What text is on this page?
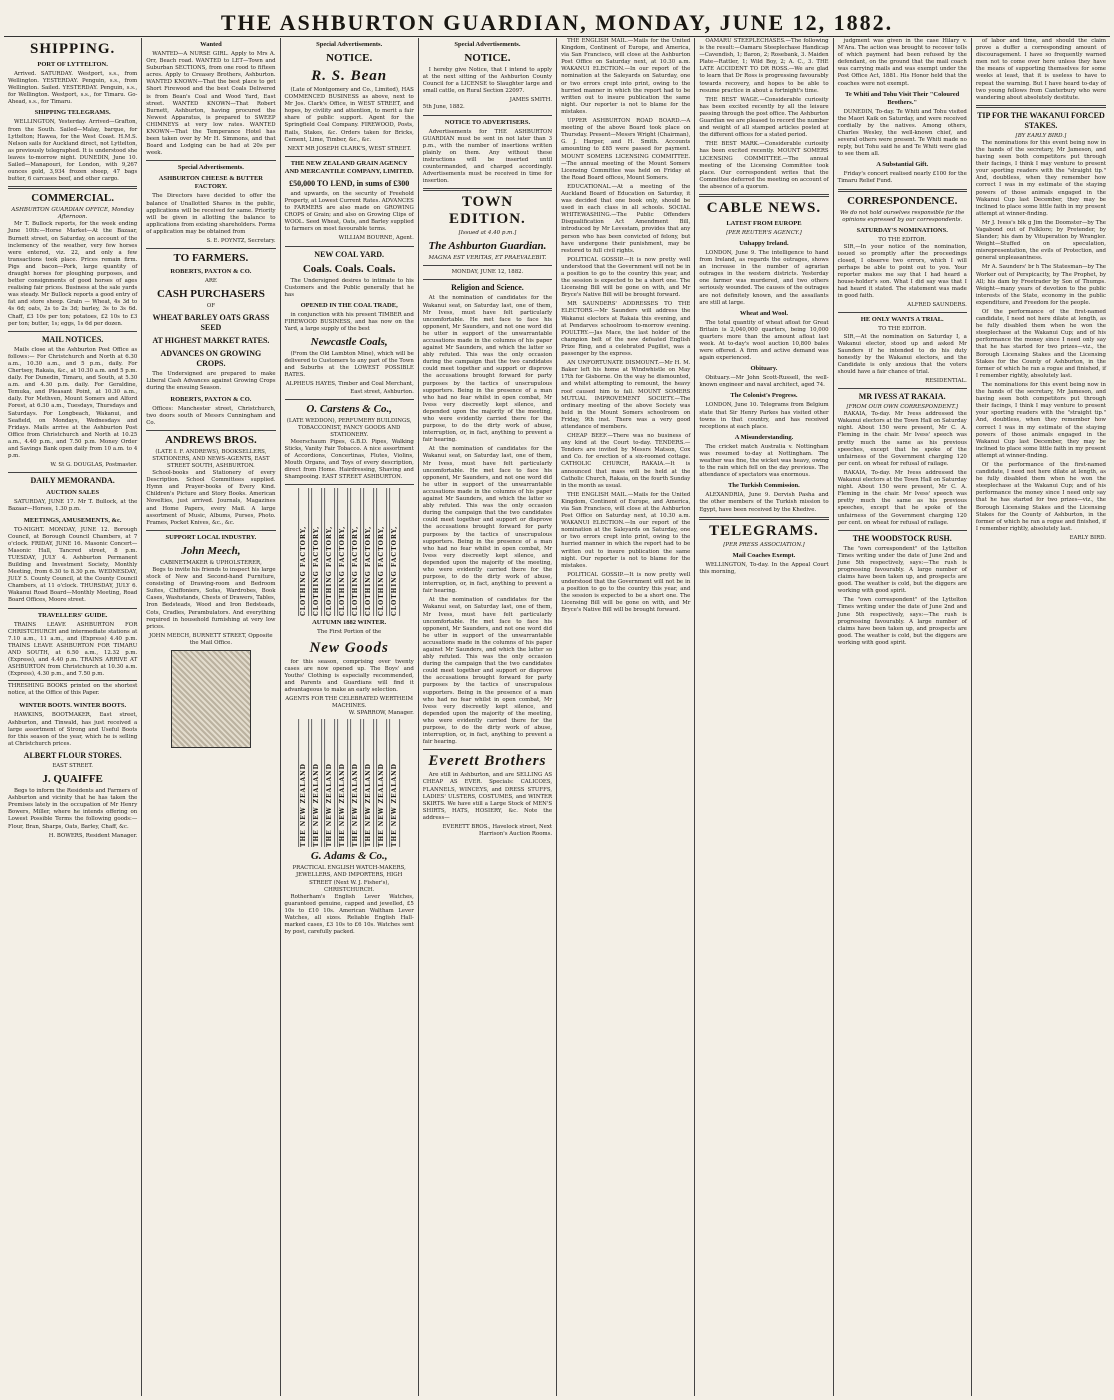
THE ASHBURTON GUARDIAN, MONDAY, JUNE 12, 1882.
SHIPPING.
PORT OF LYTTELTON.

Arrived. SATURDAY. Westport, s.s., from Wellington. YESTERDAY. Penguin, s.s., from Wellington. Sailed. YESTERDAY. Penguin, s.s., for Wellington. Westport, s.s., for Timaru. Go-Ahead, s.s., for Timaru.

SHIPPING TELEGRAMS.

WELLINGTON, Yesterday. Arrived—Grafton, from the South. Sailed—Malay, barque, for Lyttelton; Hawea, for the West Coast. H.M.S. Nelson sails for Auckland direct, not Lyttelton, as previously telegraphed. It is understood she leaves to-morrow night. DUNEDIN, June 10. Sailed—Manapouri, for London, with 9,267 ounces gold, 3,934 frozen sheep, 47 bags butter, 6 carcases beef, and other cargo.

COMMERCIAL.
ASHBURTON GUARDIAN OFFICE, Monday Afternoon.

Mr T. Bullock reports, for the week ending June 10th:—Horse Market—At the Bazaar, Burnett street, on Saturday, on account of the inclemency of the weather, very few horses were entered, viz. 22, and only a few transactions took place. Prices remain firm. Pigs and bacon—Pork, large quantity of draught horses for ploughing purposes, and better consignments of good horses of ages realising fair prices. Business at the sale yards was steady. Mr Bullock reports a good entry of fat and store sheep. Grain — Wheat, 4s 3d to 4s 6d; oats, 2s to 2s 3d; barley, 3s to 3s 6d. Chaff, £3 10s per ton; potatoes, £2 10s to £3 per ton; butter, 1s; eggs, 1s 6d per dozen.

MAIL NOTICES.

Mails close at the Ashburton Post Office as follows:— For Christchurch and North at 6.30 a.m., 10.30 a.m., and 5 p.m., daily. For Chertsey, Rakaia, &c., at 10.30 a.m. and 5 p.m. daily. For Dunedin, Timaru, and South, at 5.30 a.m. and 4.30 p.m. daily. For Geraldine, Temuka, and Pleasant Point, at 10.30 a.m., daily. For Methven, Mount Somers and Alford Forest, at 6.30 a.m., Tuesdays, Thursdays and Saturdays. For Longbeach, Wakanui, and Seafield, on Mondays, Wednesdays and Fridays. Mails arrive at the Ashburton Post Office from Christchurch and North at 10.25 a.m., 4.40 p.m., and 7.50 p.m. Money Order and Savings Bank open daily from 10 a.m. to 4 p.m.

W. St G. DOUGLAS, Postmaster.
DAILY MEMORANDA.
AUCTION SALES

SATURDAY, JUNE 17. Mr T. Bullock, at the Bazaar—Horses, 1.30 p.m.

MEETINGS, AMUSEMENTS, &c.

TO-NIGHT. MONDAY, JUNE 12. Borough Council, at Borough Council Chambers, at 7 o'clock. FRIDAY, JUNE 16. Masonic Concert—Masonic Hall, Tancred street, 8 p.m. TUESDAY, JULY 4. Ashburton Permanent Building and Investment Society, Monthly Meeting, from 6.30 to 8.30 p.m. WEDNESDAY, JULY 5. County Council, at the County Council Chambers, at 11 o'clock. THURSDAY, JULY 6. Wakanui Road Board—Monthly Meeting, Road Board Offices, Moore street.

TRAVELLERS' GUIDE.

TRAINS LEAVE ASHBURTON FOR CHRISTCHURCH and intermediate stations at 7.10 a.m., 11 a.m., and (Express) 4.40 p.m. TRAINS LEAVE ASHBURTON FOR TIMARU AND SOUTH, at 6.50 a.m., 12.32 p.m. (Express), and 4.40 p.m. TRAINS ARRIVE AT ASHBURTON from Christchurch at 10.30 a.m. (Express), 4.30 p.m., and 7.50 p.m.

THRESHING BOOKS printed on the shortest notice, at the Office of this Paper.
WINTER BOOTS. WINTER BOOTS.

HAWKINS, BOOTMAKER, East street, Ashburton, and Tinwald, has just received a large assortment of Strong and Useful Boots for this season of the year, which he is selling at Christchurch prices.

ALBERT FLOUR STORES.
EAST STREET.
J. QUAIFFE

Begs to inform the Residents and Farmers of Ashburton and vicinity that he has taken the Premises lately in the occupation of Mr Henry Bowers, Miller, where he intends offering on Lowest Possible Terms the following goods:— Flour, Bran, Sharps, Oats, Barley, Chaff, &c.

H. BOWERS, Resident Manager.
Wanted

WANTED—A NURSE GIRL. Apply to Mrs A. Orr, Beach road. WANTED to LET—Town and Suburban SECTIONS, from one rood to fifteen acres. Apply to Creasey Brothers, Ashburton. WANTED KNOWN—That the best place to get Short Firewood and the best Coals Delivered is from Bean's Coal and Wood Yard, East street. WANTED KNOWN—That Robert Burnett, Ashburton, having procured the Newest Apparatus, is prepared to SWEEP CHIMNEYS at very low rates. WANTED KNOWN—That the Temperance Hotel has been taken over by Mr H. Simmons, and that Board and Lodging can be had at 20s per week.

Special Advertisements.
ASHBURTON CHEESE & BUTTER FACTORY.

The Directors have decided to offer the balance of Unallotted Shares in the public, applications will be received for same. Priority will be given in allotting the balance to applications from existing shareholders. Forms of application may be obtained from

S. E. POYNTZ, Secretary.
TO FARMERS.
ROBERTS, PAXTON & CO.
ARE
CASH PURCHASERS
OF
WHEAT BARLEY OATS GRASS SEED
AT HIGHEST MARKET RATES.
ADVANCES ON GROWING CROPS.

The Undersigned are prepared to make Liberal Cash Advances against Growing Crops during the ensuing Season.

ROBERTS, PAXTON & CO.

Offices: Manchester street, Christchurch, two doors south of Messrs Cunningham and Co.

ANDREWS BROS.
(LATE I. F. ANDREWS), BOOKSELLERS, STATIONERS, AND NEWS-AGENTS, EAST STREET SOUTH, ASHBURTON.

School-books and Stationery of every Description. School Committees supplied. Hymn and Prayer-books of Every Kind. Children's Picture and Story Books. American Novelties, just arrived. Journals, Magazines and Home Papers, every Mail. A large assortment of Music, Albums, Purses, Photo. Frames, Pocket Knives, &c., &c.

SUPPORT LOCAL INDUSTRY.
John Meech,
CABINETMAKER & UPHOLSTERER,

Begs to invite his friends to inspect his large stock of New and Second-hand Furniture, consisting of Drawing-room and Bedroom Suites, Chiffoniers, Sofas, Wardrobes, Book Cases, Washstands, Chests of Drawers, Tables, Iron Bedsteads, Wood and Iron Bedsteads, Cots, Cradles, Perambulators. And everything required in household furnishing at very low prices.

JOHN MEECH, BURNETT STREET, Opposite the Mail Office.
Special Advertisements.
NOTICE.
R. S. Bean

(Late of Montgomery and Co., Limited), HAS COMMENCED BUSINESS as above, next to Mr Jos. Clark's Office, in WEST STREET, and hopes, by civility and attention, to merit a fair share of public support. Agent for the Springfield Coal Company. FIREWOOD, Posts, Rails, Stakes, &c. Orders taken for Bricks, Cement, Lime, Timber, &c., &c.

NEXT MR JOSEPH CLARK'S, WEST STREET.
THE NEW ZEALAND GRAIN AGENCY AND MERCANTILE COMPANY, LIMITED.
£50,000 TO LEND, in sums of £300

and upwards, on the security of Freehold Property, at Lowest Current Rates. ADVANCES to FARMERS are also made on GROWING CROPS of Grain; and also on Growing Clips of WOOL. Seed Wheat, Oats, and Barley supplied to farmers on most favourable terms.

WILLIAM BOURNE, Agent.
NEW COAL YARD.
Coals. Coals. Coals.

The Undersigned desires to intimate to his Customers and the Public generally that he has

OPENED IN THE COAL TRADE,

in conjunction with his present TIMBER and FIREWOOD BUSINESS, and has now on the Yard, a large supply of the best

Newcastle Coals,

(From the Old Lambton Mine), which will be delivered to Customers to any part of the Town and Suburbs at the LOWEST POSSIBLE RATES.

ALPHEUS HAYES, Timber and Coal Merchant, East street, Ashburton.
O. Carstens & Co.,
(LATE WEDDON), PERFUMERY BUILDINGS, TOBACCONIST, FANCY GOODS AND STATIONERY.

Meerschaum Pipes, G.B.D. Pipes, Walking Sticks, Vanity Fair Tobacco. A nice assortment of Accordions, Concertinas, Flutes, Violins, Mouth Organs, and Toys of every description, direct from Home. Hairdressing, Shaving and Shampooing. EAST STREET ASHBURTON.

CLOTHING FACTORY,	CLOTHING FACTORY,	CLOTHING FACTORY,	CLOTHING FACTORY,	CLOTHING FACTORY,	CLOTHING FACTORY,	CLOTHING FACTORY,	CLOTHING FACTORY,
AUTUMN 1882 WINTER.
The First Portion of the
New Goods

for this season, comprising over twenty cases are now opened up. The Boys' and Youths' Clothing is especially recommended, and Parents and Guardians will find it advantageous to make an early selection.

AGENTS FOR THE CELEBRATED WERTHEIM MACHINES.
W. SPARROW, Manager.
THE NEW ZEALAND	THE NEW ZEALAND	THE NEW ZEALAND	THE NEW ZEALAND	THE NEW ZEALAND	THE NEW ZEALAND	THE NEW ZEALAND	THE NEW ZEALAND
G. Adams & Co.,
PRACTICAL ENGLISH WATCH-MAKERS, JEWELLERS, AND IMPORTERS, HIGH STREET (Next W. J. Fisher's), CHRISTCHURCH.

Rotherham's English Lever Watches, guaranteed genuine, capped and jewelled, £5 10s to £10 10s. American Waltham Lever Watches, all sizes. Reliable English Hall-marked cases, £3 10s to £6 10s. Watches sent by post, carefully packed.

Special Advertisements.
NOTICE.

I hereby give Notice, that I intend to apply at the next sitting of the Ashburton County Council for a LICENSE to Slaughter large and small cattle, on Rural Section 22097.

JAMES SMITH.
5th June, 1882.
NOTICE TO ADVERTISERS.

Advertisements for THE ASHBURTON GUARDIAN must be sent in not later than 3 p.m., with the number of insertions written plainly on them. Any without these instructions will be inserted until countermanded, and charged accordingly. Advertisements must be received in time for insertion.

TOWN EDITION.
[Issued at 4.40 p.m.]
The Ashburton Guardian.
MAGNA EST VERITAS, ET PRAEVALEBIT.
MONDAY, JUNE 12, 1882.
Religion and Science.

At the nomination of candidates for the Wakanui seat, on Saturday last, one of them, Mr Ivess, must have felt particularly uncomfortable. He met face to face his opponent, Mr Saunders, and not one word did he utter in support of the unwarrantable accusations made in the columns of his paper against Mr Saunders, and which the latter so ably refuted. This was the only occasion during the campaign that the two candidates could meet together and support or disprove the accusations brought forward for party purposes by the tactics of unscrupulous supporters. Being in the presence of a man who had no fear whilst in open combat, Mr Ivess very discreetly kept silence, and depended upon the majority of the meeting, who were evidently carried there for the purpose, to do the dirty work of abuse, interruption, or, in fact, anything to prevent a fair hearing.

At the nomination of candidates for the Wakanui seat, on Saturday last, one of them, Mr Ivess, must have felt particularly uncomfortable. He met face to face his opponent, Mr Saunders, and not one word did he utter in support of the unwarrantable accusations made in the columns of his paper against Mr Saunders, and which the latter so ably refuted. This was the only occasion during the campaign that the two candidates could meet together and support or disprove the accusations brought forward for party purposes by the tactics of unscrupulous supporters. Being in the presence of a man who had no fear whilst in open combat, Mr Ivess very discreetly kept silence, and depended upon the majority of the meeting, who were evidently carried there for the purpose, to do the dirty work of abuse, interruption, or, in fact, anything to prevent a fair hearing.

At the nomination of candidates for the Wakanui seat, on Saturday last, one of them, Mr Ivess, must have felt particularly uncomfortable. He met face to face his opponent, Mr Saunders, and not one word did he utter in support of the unwarrantable accusations made in the columns of his paper against Mr Saunders, and which the latter so ably refuted. This was the only occasion during the campaign that the two candidates could meet together and support or disprove the accusations brought forward for party purposes by the tactics of unscrupulous supporters. Being in the presence of a man who had no fear whilst in open combat, Mr Ivess very discreetly kept silence, and depended upon the majority of the meeting, who were evidently carried there for the purpose, to do the dirty work of abuse, interruption, or, in fact, anything to prevent a fair hearing.

Everett Brothers

Are still in Ashburton, and are SELLING AS CHEAP AS EVER. Specials: CALICOES, FLANNELS, WINCEYS, and DRESS STUFFS, LADIES' ULSTERS, COSTUMES, and WINTER SKIRTS. We have still a Large Stock of MEN'S SHIRTS, HATS, HOSIERY, &c. Note the address—

EVERETT BROS., Havelock street, Next Harrison's Auction Rooms.

THE ENGLISH MAIL.—Mails for the United Kingdom, Continent of Europe, and America, via San Francisco, will close at the Ashburton Post Office on Saturday next, at 10.30 a.m. WAKANUI ELECTION.—In our report of the nomination at the Saleyards on Saturday, one or two errors crept into print, owing to the hurried manner in which the report had to be written out to insure publication the same night. Our reporter is not to blame for the mistakes.

UPPER ASHBURTON ROAD BOARD.—A meeting of the above Board took place on Thursday. Present—Messrs Wright (Chairman), G. J. Harper, and H. Smith. Accounts amounting to £85 were passed for payment. MOUNT SOMERS LICENSING COMMITTEE.—The annual meeting of the Mount Somers Licensing Committee was held on Friday at the Road Board offices, Mount Somers.

EDUCATIONAL.—At a meeting of the Auckland Board of Education on Saturday, it was decided that one book only, should be used in each class in all schools. SOCIAL WHITEWASHING.—The Public Offenders Disqualification Act Amendment Bill, introduced by Mr Levestam, provides that any person who has been convicted of felony, but have undergone their punishment, may be restored to full civil rights.

POLITICAL GOSSIP.—It is now pretty well understood that the Government will not be in a position to go to the country this year, and the session is expected to be a short one. The Licensing Bill will be gone on with, and Mr Bryce's Native Bill will be brought forward.

MR SAUNDERS' ADDRESSES TO THE ELECTORS.—Mr Saunders will address the Wakanui electors at Rakaia this evening, and at Pendarves schoolroom to-morrow evening. POULTRY.—Jas Mace, the last holder of the champion belt of the new defeated English Prize Ring, and a celebrated Pugilist, was a passenger by the express.

AN UNFORTUNATE DISMOUNT.—Mr H. M. Baker left his home at Windwhistle on May 17th for Gisborne. On the way he dismounted, and whilst attempting to remount, the heavy roof caused him to fall. MOUNT SOMERS MUTUAL IMPROVEMENT SOCIETY.—The ordinary meeting of the above Society was held in the Mount Somers schoolroom on Friday, 9th inst. There was a very good attendance of members.

CHEAP BEEF.—There was no business of any kind at the Court to-day. TENDERS.—Tenders are invited by Messrs Matson, Cox and Co. for erection of a six-roomed cottage. CATHOLIC CHURCH, RAKAIA.—It is announced that mass will be held at the Catholic Church, Rakaia, on the fourth Sunday in the month as usual.

THE ENGLISH MAIL.—Mails for the United Kingdom, Continent of Europe, and America, via San Francisco, will close at the Ashburton Post Office on Saturday next, at 10.30 a.m. WAKANUI ELECTION.—In our report of the nomination at the Saleyards on Saturday, one or two errors crept into print, owing to the hurried manner in which the report had to be written out to insure publication the same night. Our reporter is not to blame for the mistakes.

POLITICAL GOSSIP.—It is now pretty well understood that the Government will not be in a position to go to the country this year, and the session is expected to be a short one. The Licensing Bill will be gone on with, and Mr Bryce's Native Bill will be brought forward.

OAMARU STEEPLECHASES.—The following is the result:—Oamaru Steeplechase Handicap—Cavendish, 1; Baron, 2; Rosebank, 3. Maiden Plate—Rattler, 1; Wild Boy, 2; A. C., 3. THE LATE ACCIDENT TO DR ROSS.—We are glad to learn that Dr Ross is progressing favourably towards recovery, and hopes to be able to resume practice in about a fortnight's time.

THE BEST WAGE.—Considerable curiosity has been excited recently by all the leisure passing through the post office. The Ashburton Guardian we are pleased to record the number and weight of all stamped articles posted at the different offices for a stated period.

THE BEST MARK.—Considerable curiosity has been excited recently. MOUNT SOMERS LICENSING COMMITTEE.—The annual meeting of the Licensing Committee took place. Our correspondent writes that the Committee deferred the meeting on account of the absence of a quorum.

CABLE NEWS.
LATEST FROM EUROPE
[PER REUTER'S AGENCY.]
Unhappy Ireland.

LONDON, June 9. The intelligence to hand from Ireland, as regards the outrages, shows an increase in the number of agrarian outrages in the western districts. Yesterday one farmer was murdered, and two others seriously wounded. The causes of the outrages are not definitely known, and the assailants are still at large.

Wheat and Wool.

The total quantity of wheat afloat for Great Britain is 2,040,000 quarters, being 10,000 quarters more than the amount afloat last week. At to-day's wool auction 10,800 bales were offered. A firm and active demand was again experienced.

Obituary.

Obituary.—Mr John Scott-Russell, the well-known engineer and naval architect, aged 74.

The Colonist's Progress.

LONDON, June 10. Telegrams from Belgium state that Sir Henry Parkes has visited other towns in that country, and has received receptions at each place.

A Misunderstanding.

The cricket match Australia v. Nottingham was resumed to-day at Nottingham. The weather was fine, the wicket was heavy, owing to the rain which fell on the day previous. The attendance of spectators was enormous.

The Turkish Commission.

ALEXANDRIA, June 9. Dervish Pasha and the other members of the Turkish mission to Egypt, have been received by the Khedive.

TELEGRAMS.
[PER PRESS ASSOCIATION.]
Mail Coaches Exempt.

WELLINGTON, To-day. In the Appeal Court this morning,

judgment was given in the case Hilary v. M'Ara. The action was brought to recover tolls of which payment had been refused by the defendant, on the ground that the mail coach was carrying mails and was exempt under the Post Office Act, 1881. His Honor held that the coaches were not exempt.

Te Whiti and Tohu Visit Their "Coloured Brothers."

DUNEDIN, To-day. Te Whiti and Tohu visited the Maori Kaik on Saturday, and were received cordially by the natives. Among others, Charles Wesley, the well-known chief, and several others were present. Te Whiti made no reply, but Tohu said he and Te Whiti were glad to see them all.

A Substantial Gift.

Friday's concert realised nearly £100 for the Timaru Relief Fund.

CORRESPONDENCE.
We do not hold ourselves responsible for the opinions expressed by our correspondents.
SATURDAY'S NOMINATIONS.
TO THE EDITOR.

SIR,—In your notice of the nomination, issued so promptly after the proceedings closed, I observe two errors, which I will perhaps be able to point out to you. Your reporter makes me say that I had heard a house-holder's son. What I did say was that I had heard it stated. The statement was made in good faith.

ALFRED SAUNDERS.
HE ONLY WANTS A TRIAL.
TO THE EDITOR.

SIR,—At the nomination on Saturday I, a Wakanui elector, stood up and asked Mr Saunders if he intended to do his duty honestly by the Wakanui electors, and the Candidate is only anxious that the voters should have a fair chance of trial.

RESIDENTIAL.
MR IVESS AT RAKAIA.
[FROM OUR OWN CORRESPONDENT.]

RAKAIA, To-day. Mr Ivess addressed the Wakanui electors at the Town Hall on Saturday night. About 150 were present, Mr C. A. Fleming in the chair. Mr Ivess' speech was pretty much the same as his previous speeches, except that he spoke of the unfairness of the Government charging 120 per cent. on wheat for refusal of railage.

RAKAIA, To-day. Mr Ivess addressed the Wakanui electors at the Town Hall on Saturday night. About 150 were present, Mr C. A. Fleming in the chair. Mr Ivess' speech was pretty much the same as his previous speeches, except that he spoke of the unfairness of the Government charging 120 per cent. on wheat for refusal of railage.

THE WOODSTOCK RUSH.

The "own correspondent" of the Lyttelton Times writing under the date of June 2nd and June 5th respectively, says:—The rush is progressing favourably. A large number of claims have been taken up, and prospects are good. The weather is cold, but the diggers are working with good spirit.

The "own correspondent" of the Lyttelton Times writing under the date of June 2nd and June 5th respectively, says:—The rush is progressing favourably. A large number of claims have been taken up, and prospects are good. The weather is cold, but the diggers are working with good spirit.

of labor and time, and should the claim prove a duffer a corresponding amount of discouragement. I have so frequently warned men not to come over here unless they have the means of supporting themselves for some weeks at least, that it is useless to have to repeat the warning. But I have heard to-day of two young fellows from Canterbury who were wandering about absolutely destitute.

TIP FOR THE WAKANUI FORCED STAKES.
[BY EARLY BIRD.]

The nominations for this event being now in the hands of the secretary, Mr Jameson, and having seen both competitors put through their facings, I think I may venture to present your sporting readers with the "straight tip." And, doubtless, when they remember how correct I was in my estimate of the staying powers of those animals engaged in the Wakanui Cup last December, they may be inclined to place some little faith in my present attempt at winner-finding.

Mr J. Ivess's blk g Jim the Doomster—by The Vagabond out of Folklore; by Pretender, by Slander; his dam by Vituperation by Wrangler. Weight—Stuffed on speculation, misrepresentation, the evils of Protection, and general unpleasantness.

Mr A. Saunders' br h The Statesman—by The Worker out of Perspicacity, by The Prophet, by All; his dam by Freetrader by Son of Thumps. Weight—many years of devotion to the public interests of the State, economy in the public expenditure, and Freedom for the people.

Of the performance of the first-named candidate, I need not here dilate at length, as he fully disabled them when he won the steeplechase at the Wakanui Cup; and of his performance the money since I need only say that he has started for two prizes—viz., the Borough Licensing Stakes and the Licensing Stakes for the County of Ashburton, in the former of which he ran a rogue and finished, if I remember rightly, absolutely last.

The nominations for this event being now in the hands of the secretary, Mr Jameson, and having seen both competitors put through their facings, I think I may venture to present your sporting readers with the "straight tip." And, doubtless, when they remember how correct I was in my estimate of the staying powers of those animals engaged in the Wakanui Cup last December, they may be inclined to place some little faith in my present attempt at winner-finding.

Of the performance of the first-named candidate, I need not here dilate at length, as he fully disabled them when he won the steeplechase at the Wakanui Cup; and of his performance the money since I need only say that he has started for two prizes—viz., the Borough Licensing Stakes and the Licensing Stakes for the County of Ashburton, in the former of which he ran a rogue and finished, if I remember rightly, absolutely last.

EARLY BIRD.
